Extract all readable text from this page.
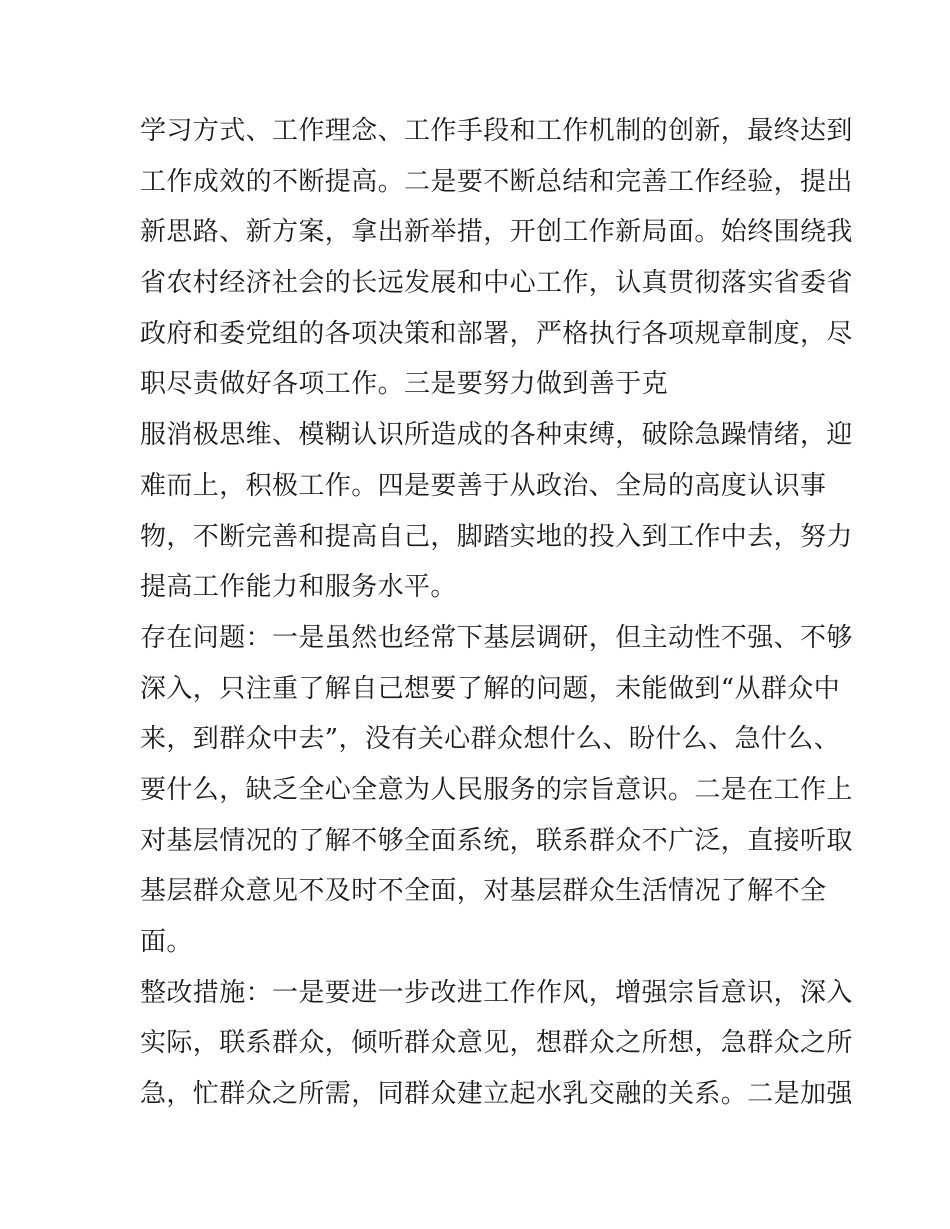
学习方式、工作理念、工作手段和工作机制的创新，最终达到
工作成效的不断提高。二是要不断总结和完善工作经验，提出
新思路、新方案，拿出新举措，开创工作新局面。始终围绕我
省农村经济社会的长远发展和中心工作，认真贯彻落实省委省
政府和委党组的各项决策和部署，严格执行各项规章制度，尽
职尽责做好各项工作。三是要努力做到善于克
服消极思维、模糊认识所造成的各种束缚，破除急躁情绪，迎
难而上，积极工作。四是要善于从政治、全局的高度认识事
物，不断完善和提高自己，脚踏实地的投入到工作中去，努力
提高工作能力和服务水平。
存在问题：一是虽然也经常下基层调研，但主动性不强、不够
深入，只注重了解自己想要了解的问题，未能做到“从群众中
来，到群众中去”，没有关心群众想什么、盼什么、急什么、
要什么，缺乏全心全意为人民服务的宗旨意识。二是在工作上
对基层情况的了解不够全面系统，联系群众不广泛，直接听取
基层群众意见不及时不全面，对基层群众生活情况了解不全
面。
整改措施：一是要进一步改进工作作风，增强宗旨意识，深入
实际，联系群众，倾听群众意见，想群众之所想，急群众之所
急，忙群众之所需，同群众建立起水乳交融的关系。二是加强
